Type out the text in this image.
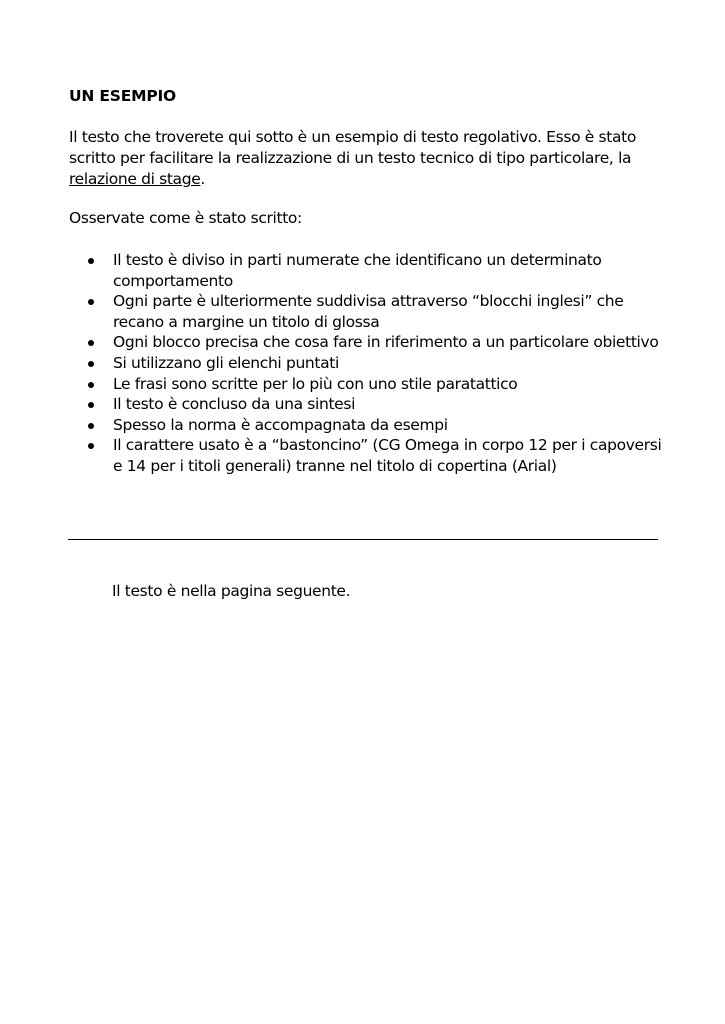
UN ESEMPIO

Il testo che troverete qui sotto è un esempio di testo regolativo. Esso è stato scritto per facilitare la realizzazione di un testo tecnico di tipo particolare, la relazione di stage.

Osservate come è stato scritto:

Il testo è diviso in parti numerate che identificano un determinato comportamento
Ogni parte è ulteriormente suddivisa attraverso “blocchi inglesi” che recano a margine un titolo di glossa
Ogni blocco precisa che cosa fare in riferimento a un particolare obiettivo
Si utilizzano gli elenchi puntati
Le frasi sono scritte per lo più con uno stile paratattico
Il testo è concluso da una sintesi
Spesso la norma è accompagnata da esempi
Il carattere usato è a “bastoncino” (CG Omega in corpo 12 per i capoversi e 14 per i titoli generali) tranne nel titolo di copertina (Arial)

Il testo è nella pagina seguente.
